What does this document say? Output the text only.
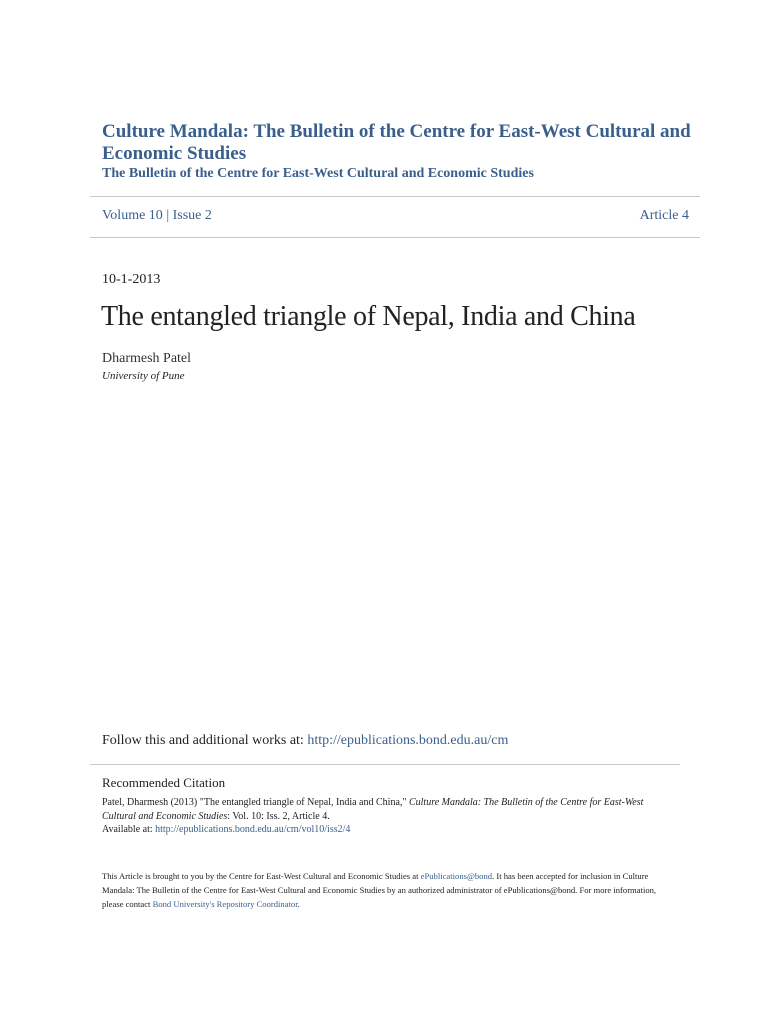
Culture Mandala: The Bulletin of the Centre for East-West Cultural and Economic Studies
The Bulletin of the Centre for East-West Cultural and Economic Studies
Volume 10 | Issue 2	Article 4
10-1-2013
The entangled triangle of Nepal, India and China
Dharmesh Patel
University of Pune
Follow this and additional works at: http://epublications.bond.edu.au/cm
Recommended Citation
Patel, Dharmesh (2013) "The entangled triangle of Nepal, India and China," Culture Mandala: The Bulletin of the Centre for East-West Cultural and Economic Studies: Vol. 10: Iss. 2, Article 4.
Available at: http://epublications.bond.edu.au/cm/vol10/iss2/4
This Article is brought to you by the Centre for East-West Cultural and Economic Studies at ePublications@bond. It has been accepted for inclusion in Culture Mandala: The Bulletin of the Centre for East-West Cultural and Economic Studies by an authorized administrator of ePublications@bond. For more information, please contact Bond University's Repository Coordinator.
